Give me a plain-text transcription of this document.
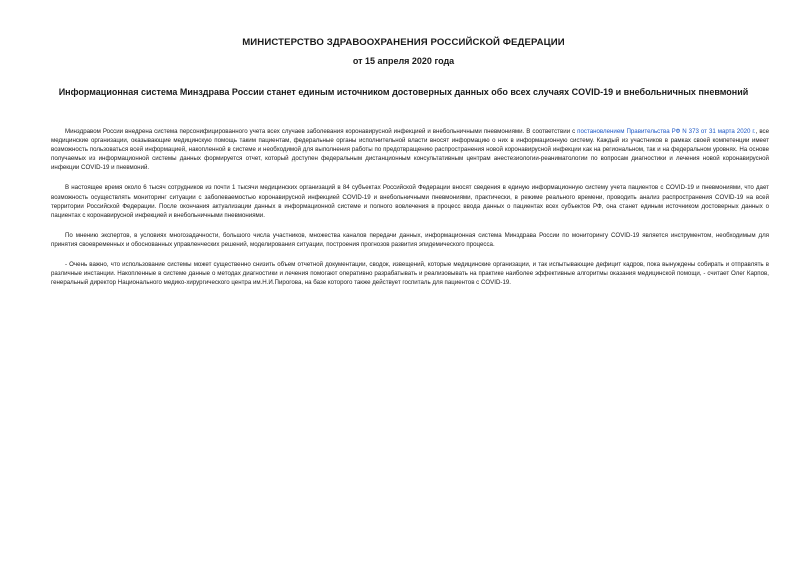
МИНИСТЕРСТВО ЗДРАВООХРАНЕНИЯ РОССИЙСКОЙ ФЕДЕРАЦИИ
от 15 апреля 2020 года
Информационная система Минздрава России станет единым источником достоверных данных обо всех случаях COVID-19 и внебольничных пневмоний

Минздравом России внедрена система персонифицированного учета всех случаев заболевания коронавирусной инфекцией и внебольничными пневмониями. В соответствии с постановлением Правительства РФ N 373 от 31 марта 2020 г., все медицинские организации, оказывающие медицинскую помощь таким пациентам, федеральные органы исполнительной власти вносят информацию о них в информационную систему. Каждый из участников в рамках своей компетенции имеет возможность пользоваться всей информацией, накопленной в системе и необходимой для выполнения работы по предотвращению распространения новой коронавирусной инфекции как на региональном, так и на федеральном уровнях. На основе получаемых из информационной системы данных формируется отчет, который доступен федеральным дистанционным консультативным центрам анестезиологии-реаниматологии по вопросам диагностики и лечения новой коронавирусной инфекции COVID-19 и пневмоний.

В настоящее время около 6 тысяч сотрудников из почти 1 тысячи медицинских организаций в 84 субъектах Российской Федерации вносят сведения в единую информационную систему учета пациентов с COVID-19 и пневмониями, что дает возможность осуществлять мониторинг ситуации с заболеваемостью коронавирусной инфекцией COVID-19 и внебольничными пневмониями, практически, в режиме реального времени, проводить анализ распространения COVID-19 на всей территории Российской Федерации. После окончания актуализации данных в информационной системе и полного вовлечения в процесс ввода данных о пациентах всех субъектов РФ, она станет единым источником достоверных данных о пациентах с коронавирусной инфекцией и внебольничными пневмониями.

По мнению экспертов, в условиях многозадачности, большого числа участников, множества каналов передачи данных, информационная система Минздрава России по мониторингу COVID-19 является инструментом, необходимым для принятия своевременных и обоснованных управленческих решений, моделирования ситуации, построения прогнозов развития эпидемического процесса.

- Очень важно, что использование системы может существенно снизить объем отчетной документации, сводок, извещений, которые медицинские организации, и так испытывающие дефицит кадров, пока вынуждены собирать и отправлять в различные инстанции. Накопленные в системе данные о методах диагностики и лечения помогают оперативно разрабатывать и реализовывать на практике наиболее эффективные алгоритмы оказания медицинской помощи, - считает Олег Карпов, генеральный директор Национального медико-хирургического центра им.Н.И.Пирогова, на базе которого также действует госпиталь для пациентов с COVID-19.
